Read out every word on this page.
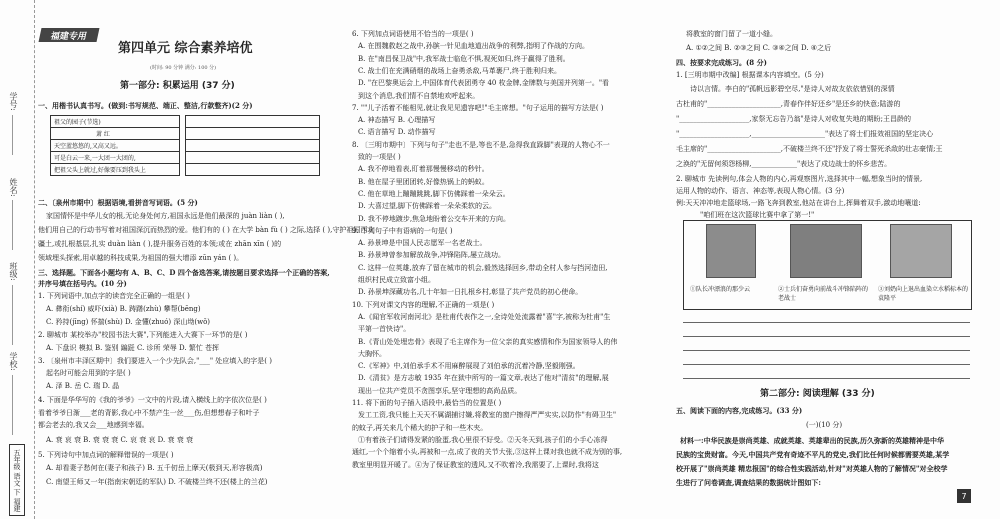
学号:
姓名:
班级:
学校:
五年级 语文 下 福建
福建专用
第四单元 综合素养培优
(时间: 90 分钟 满分: 100 分)
第一部分: 积累运用 (37 分)
一、用楷书认真书写。(做到:书写规范、端正、整洁,行款整齐)(2 分)
祖父的园子(节选)
萧 红
天空蓝悠悠的,又高又远。
可是白云一来,一大团一大团的,
把祖父头上就过,好像要压到我头上

二、〔泉州市期中〕根据语境,看拼音写词语。(5 分)
家国情怀是中华儿女的根,无论身处何方,祖国永远是他们最深的 juàn liàn ( ),
他们用自己的行动书写着对祖国深沉而热烈的爱。他们有的 ( ) 在大学 bàn fù ( ) 之际,选择 ( ),守护祖国西北
疆土,或扎根基层,扎实 duàn liàn ( ),提升服务百姓的本领;或在 zhān xīn ( )的
领域埋头探索,用卓越的科技成果,为祖国的强大增添 zūn yán ( )。
三、选择题。下面各小题均有 A、B、C、D 四个备选答案,请按题目要求选择一个正确的答案,
并序号填在括号内。(10 分)
1. 下列词语中,加点字的读音完全正确的一组是( )
A. 彝衔(shí) 威吓(xià) B. 踌躇(zhù) 攀帮(bēng)
C. 矜持(jīng) 怀揣(shù) D. 金懂(zhuó) 深山坳(wǒ)
2. 聊城市 某校举办"校园书法大赛",下列能进入大赛下一环节的是( )
A. 下盘识 模拟 B. 鉴别 蹁跹 C. 诊所 荣辱 D. 繁忙 苍挥
3. 〔泉州市丰泽区期中〕我们要进入一个少先队会,"___" 处应填入的字是( )
起名时可能会用到的字是( )
A. 泽 B. 岳 C. 瑞 D. 晶
4. 下面是华华写的《我的爷爷》一文中的片段,请入横线上的字依次位是( )
看着爷爷日渐___老的背影,我心中不禁产生一丝___伤,但想想春子和叶子
都会老去的,我又会___地感到幸福。
A. 衰 哀 衰 B. 衰 衰 衰 C. 哀 衰 哀 D. 衰 衰 衰
5. 下列诗句中加点词的解释错误的一项是( )
A. 却看妻子愁何在(妻子和孩子) B. 五千仞岳上摩天(极到天,形容极高)
C. 南望王师又一年(指南宋朝廷的军队) D. 不破楼兰终不还(楼上的兰花)
6. 下列加点词语使用不恰当的一项是( )
A. 在围魏救赵之战中,孙膑一针见血地道出战争的利弊,指明了作战的方向。
B. 在"南昌保卫战"中,我军战士临危不惧,视死如归,终于赢得了胜利。
C. 战士们在充满硝烟的战场上奋勇杀敌,马革裹尸,终于胜利归来。
D. "在巴黎奥运会上,中国体育代表团勇夺 40 枚金牌,金牌数与美国并列第一。"看
到这个消息,我们情不自禁地欢呼起来。
7. ""儿子活着不能相见,就让我见见遗容吧!"毛主席想。"句子运用的描写方法是( )
A. 神态描写 B. 心理描写
C. 语言描写 D. 动作描写
8. 〔三明市期中〕下列与句子"走也不是,等也不是,急得我直跺脚"表现的人物心不一
致的一项是( )
A. 我不停地看表,盯着那慢慢移动的秒针。
B. 他在屋子里团团转,好像热锅上的蚂蚁。
C. 他在草地上蹦蹦跳跳,脚下仿佛踩着一朵朵云。
D. 大喜过望,脚下仿佛踩着一朵朵柔软的云。
D. 我不停地踱步,焦急地盼着公交车开来的方向。
9. 下列句子中有语病的一句是( )
A. 孙景坤是中国人民志愿军一名老战士。
B. 孙景坤曾参加解放战争,冲锋陷阵,屡立战功。
C. 这样一位英雄,放弃了留在城市的机会,毅然选择回乡,带动全村人参与挡河造田,
组织村民成立致富小组。
D. 孙景坤深藏功名,几十年如一日扎根乡村,彰显了共产党员的初心使命。
10. 下列对课文内容的理解,不正确的一项是( )
A.《闻官军收河南河北》是杜甫代表作之一,全诗处处流露着"喜"字,被称为杜甫"生
平第一首快诗"。
B.《青山处处埋忠骨》表现了毛主席作为一位父亲的真实感情和作为国家领导人的伟
大胸怀。
C.《军神》中,刘伯承手术不用麻醉展现了刘伯承的沉着冷静,坚毅刚强。
D.《清贫》是方志敏 1935 年在狱中所写的一篇文章,表达了他对"清贫"的理解,展
现出一位共产党员不贪图享乐,坚守理想的高尚品质。
11. 将下面的句子插入语段中,最恰当的位置是( )
发工工资,我只能上天天不属湖捕讨嫌,将教室的窗户擦得严严实实,以防作"有碍卫生"
的蚊子,再关来几个稀大的护子和一些木夹。
①有着孩子们请得发紧的脸蛋,我心里很不好受。②天冬天到,孩子们的小手心冻得
通红,一个个缩着小头,再被和一点,成了夜的关节大张,③这样上课对我也就不成为别的事,
教室里明显开暖了。④为了保证教室的透风,又不吹着冷,我需要了,上课时,我将这
将教室的窗门留了一道小缝。
A. ①②之间 B. ②③之间 C. ③④之间 D. ④之后
四、按要求完成练习。(8 分)
1. [三明市期中改编] 根据课本内容填空。(5 分)
诗以言情。李白的"孤帆远影碧空尽,"是诗人对故友依依惜别的深情
古杜甫的"_____________________,青春作伴好还乡"是还乡的快意;陆游的
"____________________,家祭无忘告乃翁"是诗人对收复失地的期盼;王昌龄的
"____________________,_____________________"表达了将士们报效祖国的坚定决心
毛主席的"_____________________,不破楼兰终不还"抒发了将士誓死杀敌的壮志豪情;王
之涣的"无留何须怨杨柳,_____________"表达了戍边战士的怀乡悲苦。
2. 聊城市 先读例句,体会人物的内心,再观察图片,选择其中一幅,想象当时的情景,
运用人物的动作、语言、神态等,表现人物心情。(3 分)
例:天天冲冲地走篮球场,一路飞奔到教室,他站在讲台上,挥舞着双手,激动地嚷道:
"咱们班在这次篮球比赛中拿了第一!"
①队长冲漂浪的那少云	②士兵们奋勇向前战斗冲锋陷阵的老战士
③刘奶向上退出血染立水稻标本的袁隆平
第二部分: 阅读理解 (33 分)
五、阅读下面的内容,完成练习。(33 分)
(一)(10 分)
材料一:中华民族是崇尚英雄、成就英雄、英雄辈出的民族,历久弥新的英雄精神是中华
民族的宝贵财富。今天,中国共产党有奇迹不平凡的党史,我们比任何时候都需要英雄,某学
校开展了"崇尚英雄 精忠报国"的综合性实践活动,针对"对英雄人物的了解情况"对全校学
生进行了问卷调查,调查结果的数据统计图如下:
7
